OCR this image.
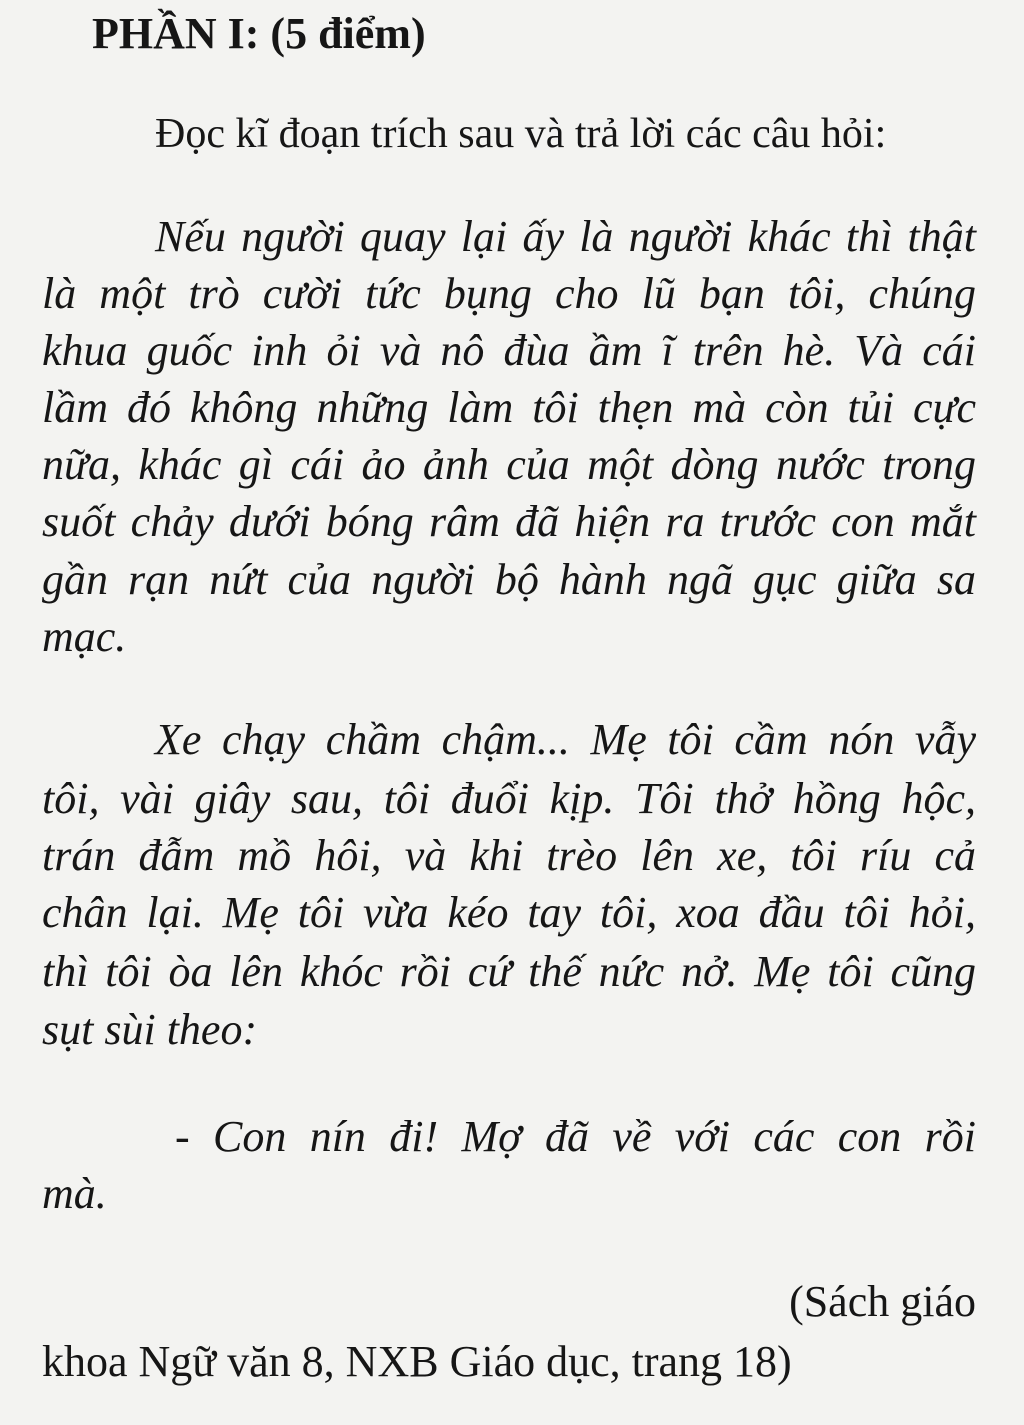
PHẦN I: (5 điểm)
Đọc kĩ đoạn trích sau và trả lời các câu hỏi:
Nếu người quay lại ấy là người khác thì thật
là một trò cười tức bụng cho lũ bạn tôi, chúng
khua guốc inh ỏi và nô đùa ầm ĩ trên hè. Và cái
lầm đó không những làm tôi thẹn mà còn tủi cực
nữa, khác gì cái ảo ảnh của một dòng nước trong
suốt chảy dưới bóng râm đã hiện ra trước con mắt
gần rạn nứt của người bộ hành ngã gục giữa sa
mạc.
Xe chạy chầm chậm... Mẹ tôi cầm nón vẫy
tôi, vài giây sau, tôi đuổi kịp. Tôi thở hồng hộc,
trán đẫm mồ hôi, và khi trèo lên xe, tôi ríu cả
chân lại. Mẹ tôi vừa kéo tay tôi, xoa đầu tôi hỏi,
thì tôi òa lên khóc rồi cứ thế nức nở. Mẹ tôi cũng
sụt sùi theo:
- Con nín đi! Mợ đã về với các con rồi
mà.
(Sách giáo
khoa Ngữ văn 8, NXB Giáo dục, trang 18)
